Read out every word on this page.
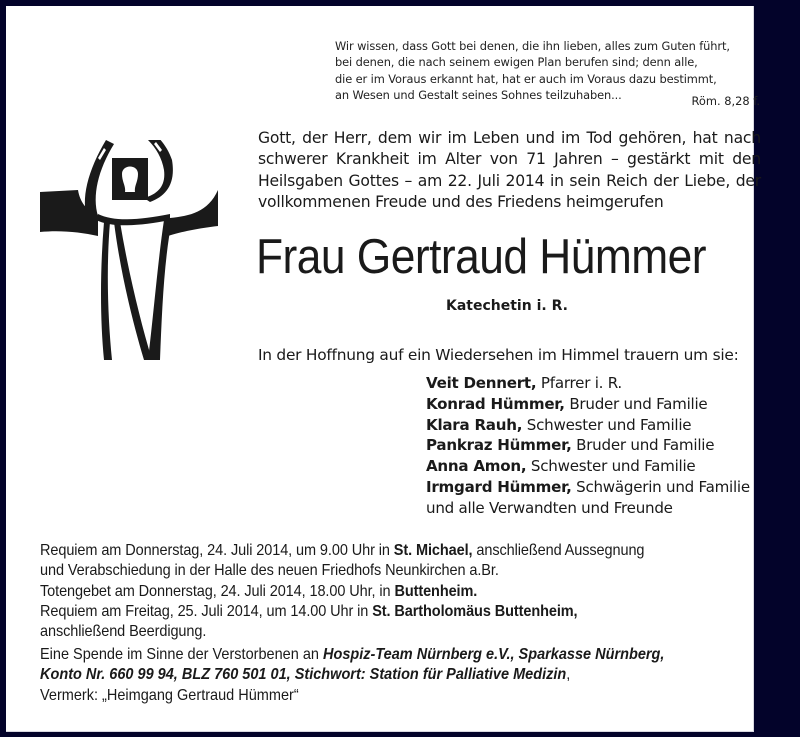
Wir wissen, dass Gott bei denen, die ihn lieben, alles zum Guten führt,
bei denen, die nach seinem ewigen Plan berufen sind; denn alle,
die er im Voraus erkannt hat, hat er auch im Voraus dazu bestimmt,
an Wesen und Gestalt seines Sohnes teilzuhaben...	Röm. 8,28 f.
Gott, der Herr, dem wir im Leben und im Tod gehören, hat nach
schwerer Krankheit im Alter von 71 Jahren – gestärkt mit den
Heilsgaben Gottes – am 22. Juli 2014 in sein Reich der Liebe, der
vollkommenen Freude und des Friedens heimgerufen
Frau Gertraud Hümmer
Katechetin i. R.
In der Hoffnung auf ein Wiedersehen im Himmel trauern um sie:
Veit Dennert, Pfarrer i. R.
Konrad Hümmer, Bruder und Familie
Klara Rauh, Schwester und Familie
Pankraz Hümmer, Bruder und Familie
Anna Amon, Schwester und Familie
Irmgard Hümmer, Schwägerin und Familie
und alle Verwandten und Freunde
Requiem am Donnerstag, 24. Juli 2014, um 9.00 Uhr in St. Michael, anschließend Aussegnung
und Verabschiedung in der Halle des neuen Friedhofs Neunkirchen a.Br.
Totengebet am Donnerstag, 24. Juli 2014, 18.00 Uhr, in Buttenheim.
Requiem am Freitag, 25. Juli 2014, um 14.00 Uhr in St. Bartholomäus Buttenheim,
anschließend Beerdigung.
Eine Spende im Sinne der Verstorbenen an Hospiz-Team Nürnberg e.V., Sparkasse Nürnberg,
Konto Nr. 660 99 94, BLZ 760 501 01, Stichwort: Station für Palliative Medizin,
Vermerk: „Heimgang Gertraud Hümmer“
